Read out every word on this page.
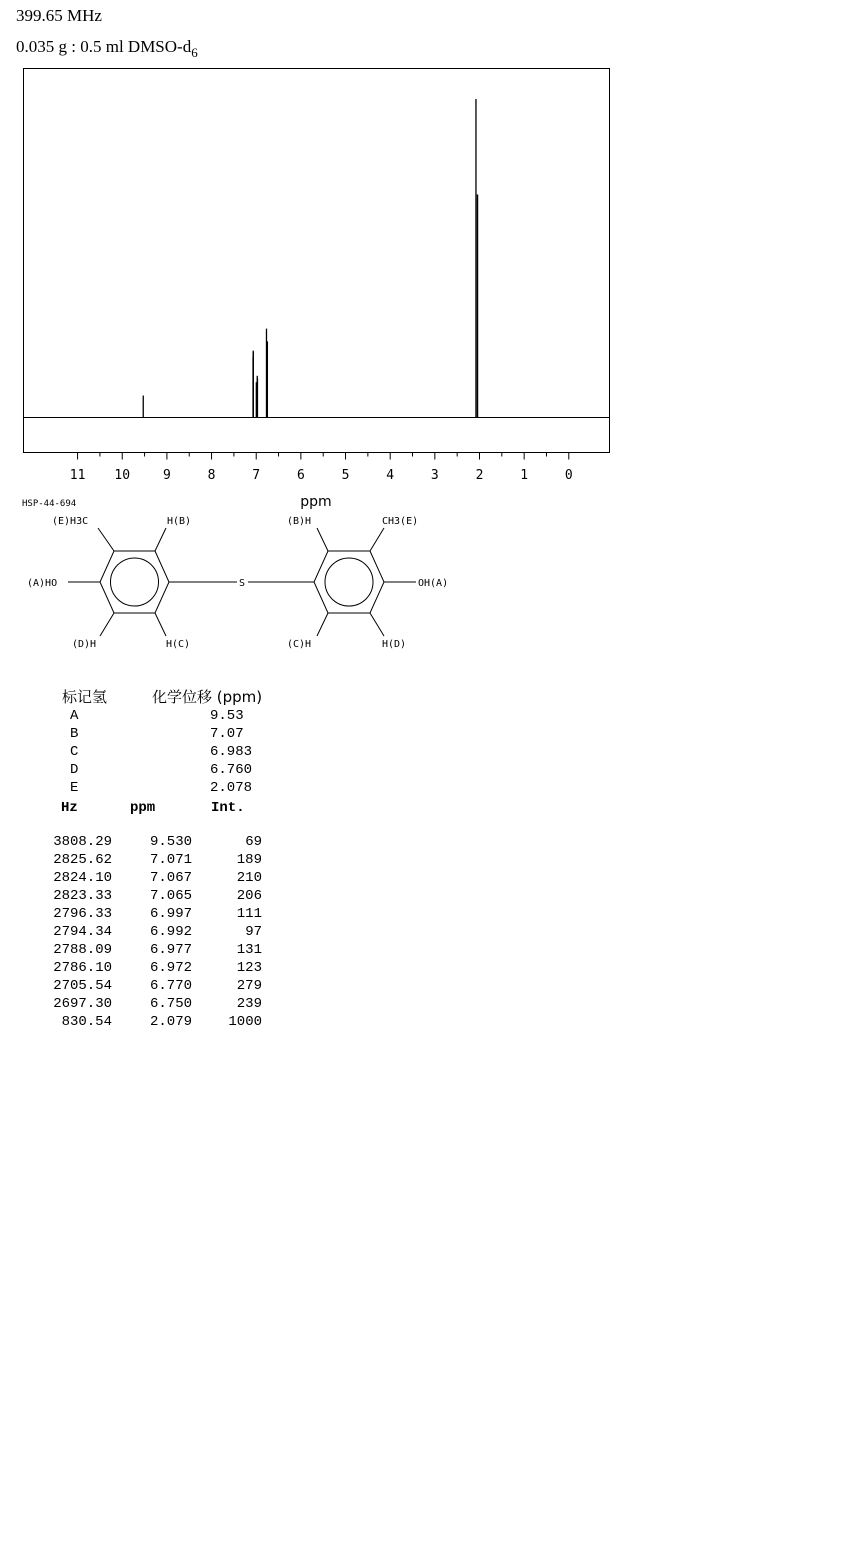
399.65 MHz
0.035 g : 0.5 ml DMSO-$d_6$
11 10	9	8	7	6	5	4	3	2	1	0
ppm
HSP-44-694
(E)H3C	H(B)
(A)HO	S
(D)H	H(C)
(B)H	CH3(E)
OH(A)
(C)H	H(D)
标记氢	化学位移 (ppm)
A	9.53
B	7.07
C	6.983
D	6.760
E	2.078
Hz	ppm	Int.
3808.29	9.530	69
2825.62	7.071	189
2824.10	7.067	210
2823.33	7.065	206
2796.33	6.997	111
2794.34	6.992	97
2788.09	6.977	131
2786.10	6.972	123
2705.54	6.770	279
2697.30	6.750	239
830.54	2.079	1000
